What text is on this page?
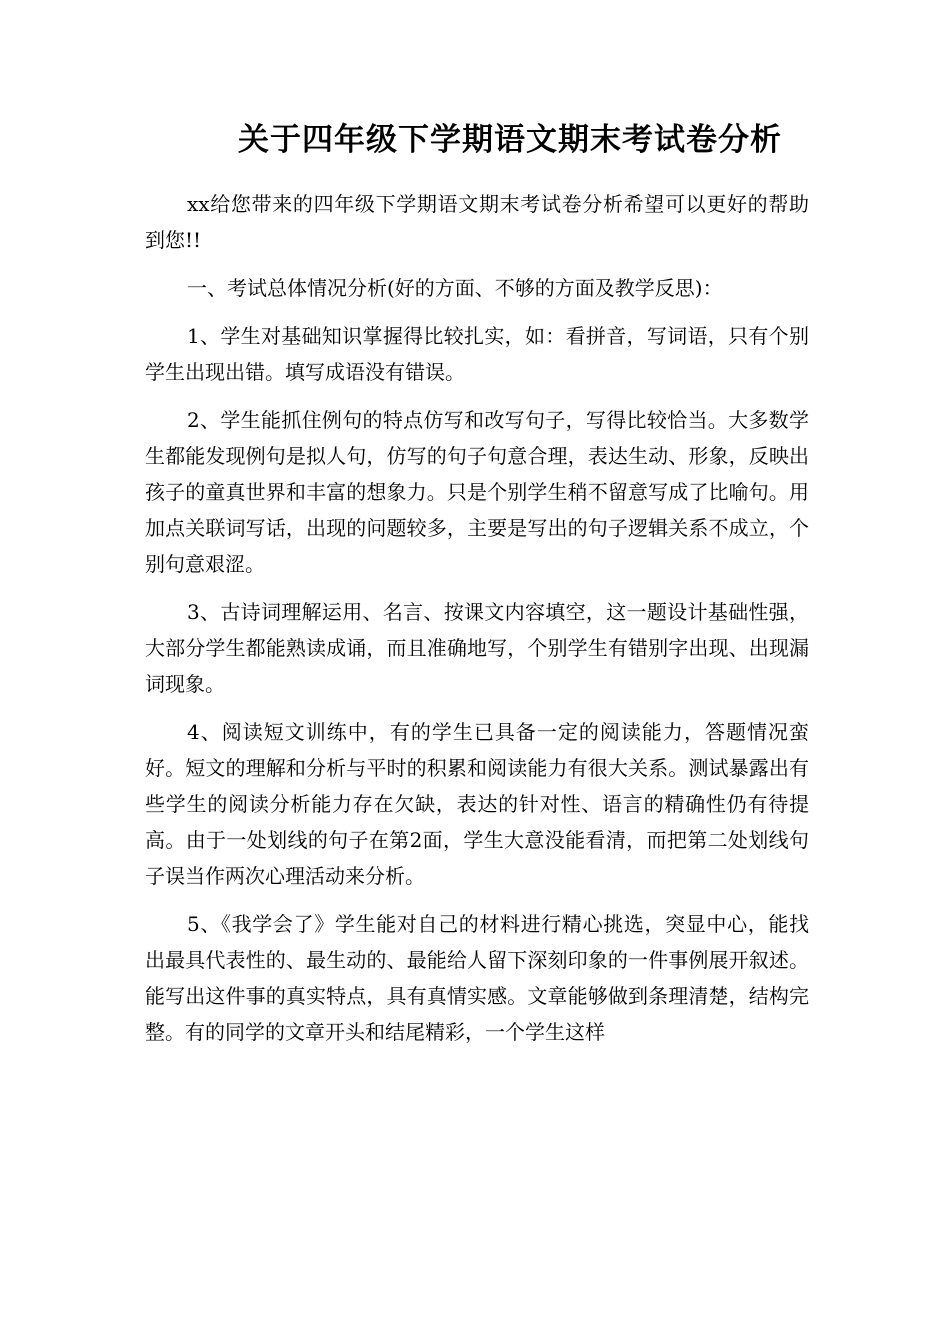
关于四年级下学期语文期末考试卷分析

xx给您带来的四年级下学期语文期末考试卷分析希望可以更好的帮助到您!!

一、考试总体情况分析(好的方面、不够的方面及教学反思)：

1、学生对基础知识掌握得比较扎实，如：看拼音，写词语，只有个别学生出现出错。填写成语没有错误。

2、学生能抓住例句的特点仿写和改写句子，写得比较恰当。大多数学生都能发现例句是拟人句，仿写的句子句意合理，表达生动、形象，反映出孩子的童真世界和丰富的想象力。只是个别学生稍不留意写成了比喻句。用加点关联词写话，出现的问题较多，主要是写出的句子逻辑关系不成立，个别句意艰涩。

3、古诗词理解运用、名言、按课文内容填空，这一题设计基础性强，大部分学生都能熟读成诵，而且准确地写，个别学生有错别字出现、出现漏词现象。

4、阅读短文训练中，有的学生已具备一定的阅读能力，答题情况蛮好。短文的理解和分析与平时的积累和阅读能力有很大关系。测试暴露出有些学生的阅读分析能力存在欠缺，表达的针对性、语言的精确性仍有待提高。由于一处划线的句子在第2面，学生大意没能看清，而把第二处划线句子误当作两次心理活动来分析。

5、《我学会了》学生能对自己的材料进行精心挑选，突显中心，能找出最具代表性的、最生动的、最能给人留下深刻印象的一件事例展开叙述。能写出这件事的真实特点，具有真情实感。文章能够做到条理清楚，结构完整。有的同学的文章开头和结尾精彩，一个学生这样
